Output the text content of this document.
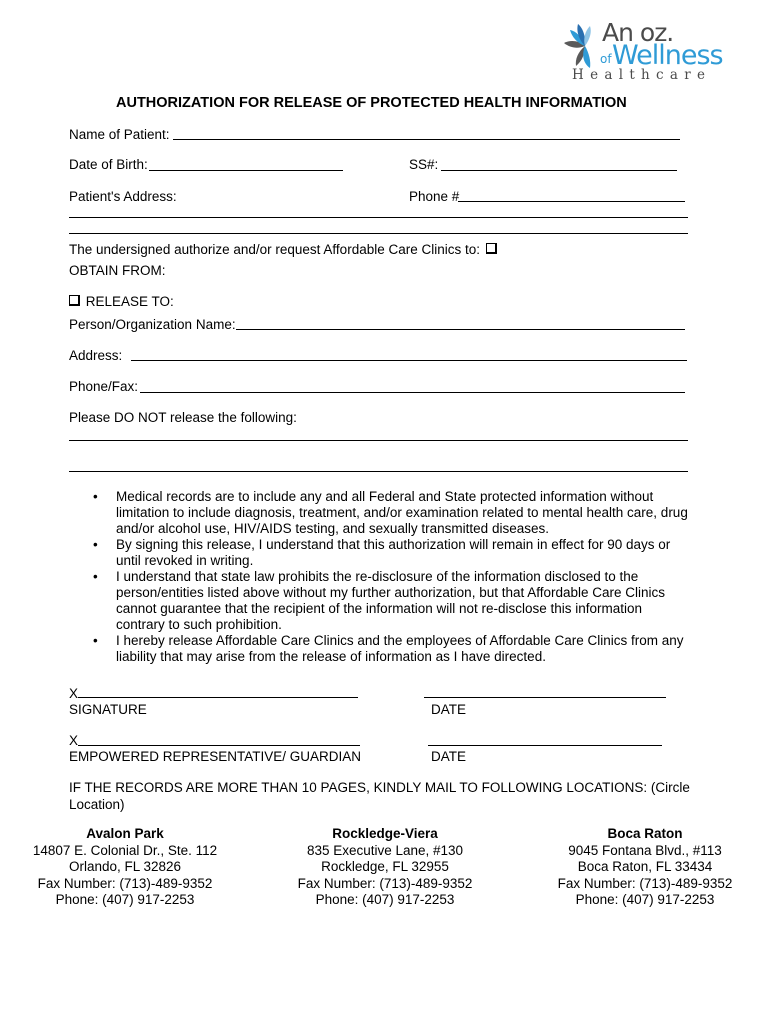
An oz.
of Wellness
Healthcare
AUTHORIZATION FOR RELEASE OF PROTECTED HEALTH INFORMATION
Name of Patient:
Date of Birth:	SS#:
Patient's Address:	Phone #
The undersigned authorize and/or request Affordable Care Clinics to:
OBTAIN FROM:
RELEASE TO:
Person/Organization Name:
Address:
Phone/Fax:
Please DO NOT release the following:
• Medical records are to include any and all Federal and State protected information without limitation to include diagnosis, treatment, and/or examination related to mental health care, drug and/or alcohol use, HIV/AIDS testing, and sexually transmitted diseases.
• By signing this release, I understand that this authorization will remain in effect for 90 days or until revoked in writing.
• I understand that state law prohibits the re-disclosure of the information disclosed to the person/entities listed above without my further authorization, but that Affordable Care Clinics cannot guarantee that the recipient of the information will not re-disclose this information contrary to such prohibition.
• I hereby release Affordable Care Clinics and the employees of Affordable Care Clinics from any liability that may arise from the release of information as I have directed.
X
SIGNATURE	DATE
X
EMPOWERED REPRESENTATIVE/ GUARDIAN	DATE
IF THE RECORDS ARE MORE THAN 10 PAGES, KINDLY MAIL TO FOLLOWING LOCATIONS: (Circle Location)
Avalon Park
14807 E. Colonial Dr., Ste. 112
Orlando, FL 32826
Fax Number: (713)-489-9352
Phone: (407) 917-2253
Rockledge-Viera
835 Executive Lane, #130
Rockledge, FL 32955
Fax Number: (713)-489-9352
Phone: (407) 917-2253
Boca Raton
9045 Fontana Blvd., #113
Boca Raton, FL 33434
Fax Number: (713)-489-9352
Phone: (407) 917-2253
